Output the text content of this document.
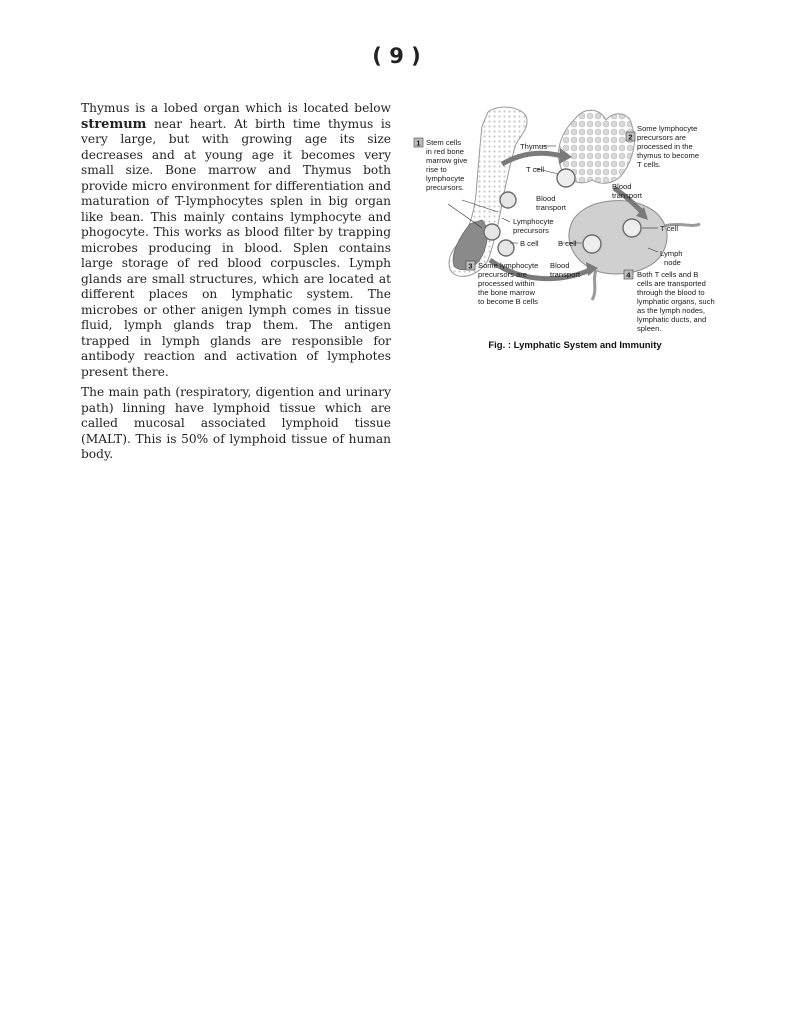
( 9 )

Thymus is a lobed organ which is located below stremum near heart. At birth time thymus is very large, but with growing age its size decreases and at young age it becomes very small size. Bone marrow and Thymus both provide micro environment for differentiation and maturation of T-lymphocytes splen in big organ like bean. This mainly contains lymphocyte and phogocyte. This works as blood filter by trapping microbes producing in blood. Splen contains large storage of red blood corpuscles. Lymph glands are small structures, which are located at different places on lymphatic system. The microbes or other anigen lymph comes in tissue fluid, lymph glands trap them. The antigen trapped in lymph glands are responsible for antibody reaction and activation of lymphotes present there.

The main path (respiratory, digention and urinary path) linning have lymphoid tissue which are called mucosal associated lymphoid tissue (MALT). This is 50% of lymphoid tissue of human body.

1 Stem cells in red bone marrow give rise to lymphocyte precursors.
2
Some lymphocyte precursors are processed in the thymus to become T cells.
Thymus
T cell
Blood transport
Blood transport
Lymphocyte precursors
B cell	B cell
T cell
Lymph node
Blood transport
3 Some lymphocyte precursors are processed within the bone marrow to become B cells
4 Both T cells and B cells are transported through the blood to lymphatic organs, such as the lymph nodes, lymphatic ducts, and spleen.
Fig. : Lymphatic System and Immunity
